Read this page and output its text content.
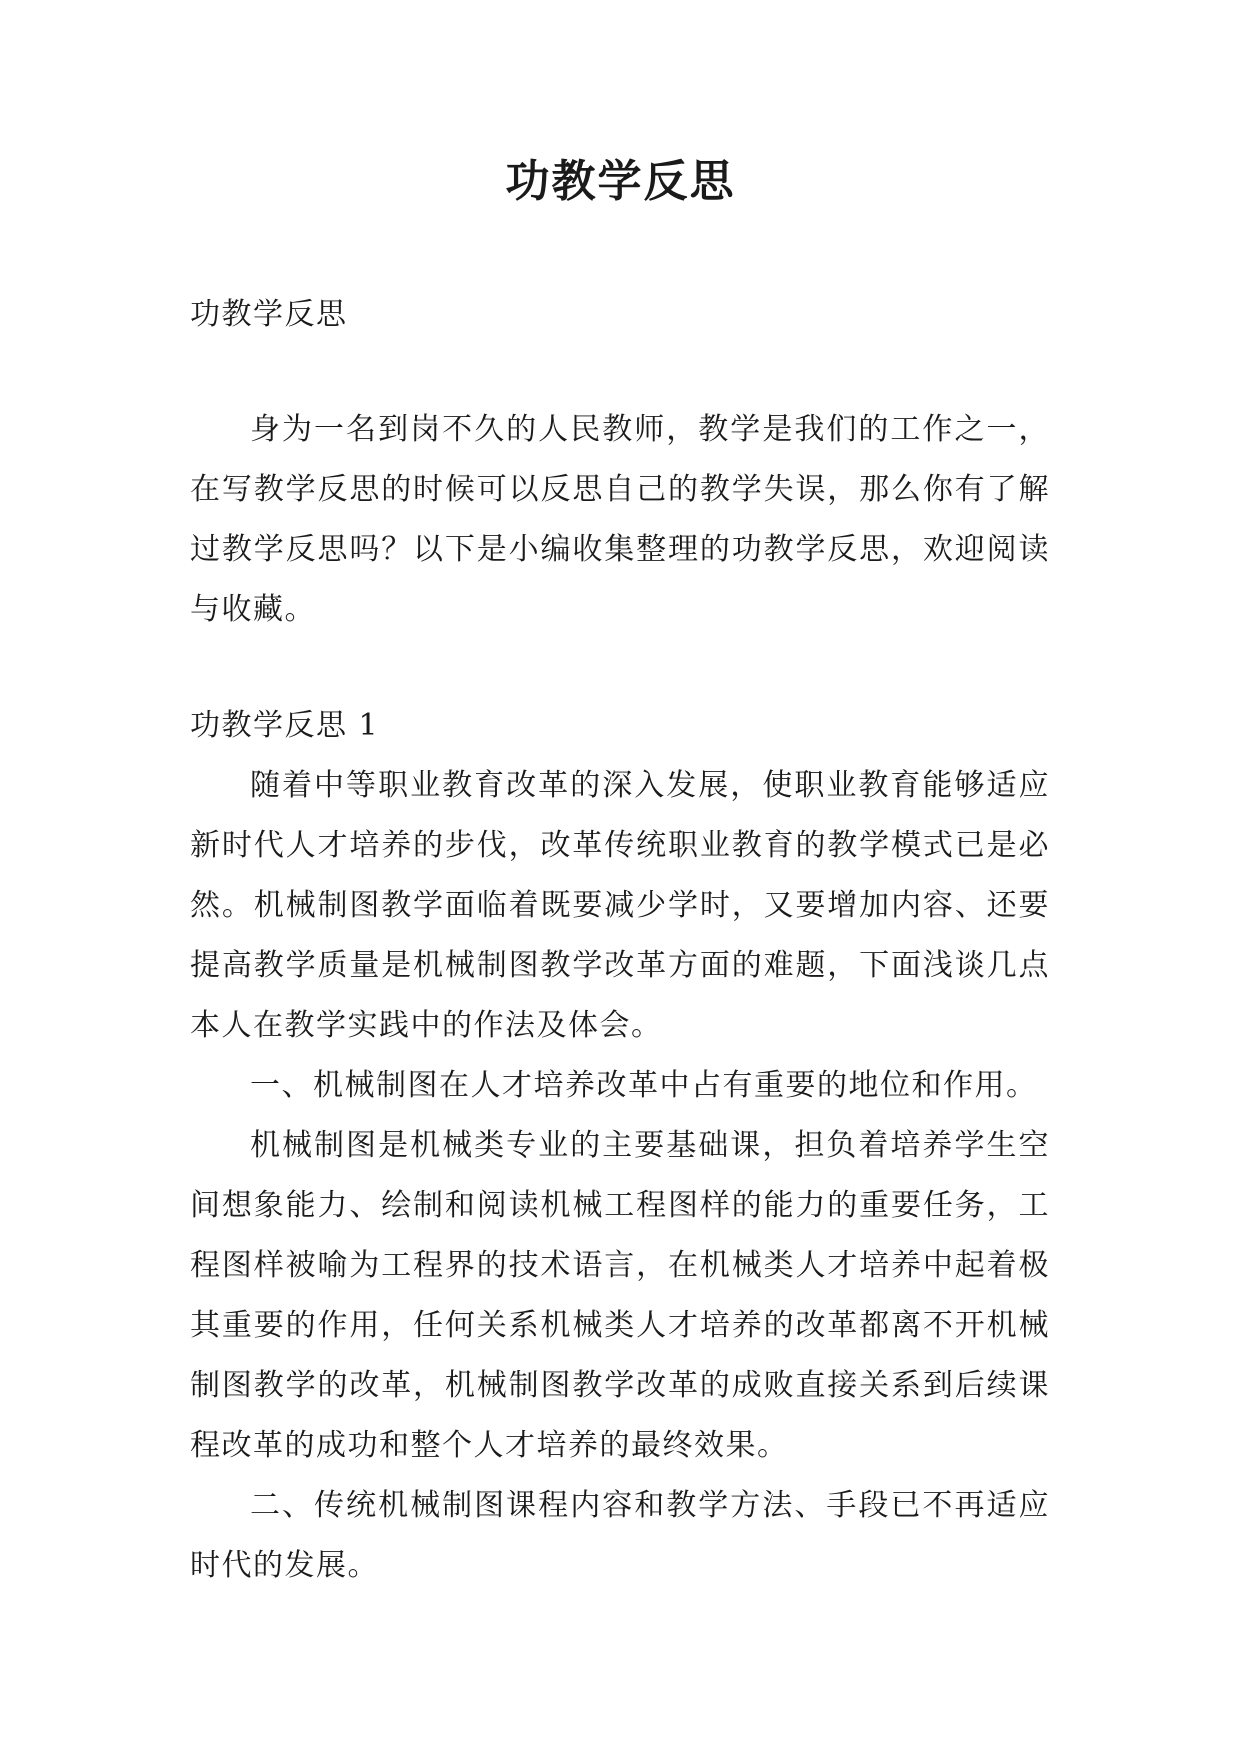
功教学反思
功教学反思

身为一名到岗不久的人民教师，教学是我们的工作之一，在写教学反思的时候可以反思自己的教学失误，那么你有了解过教学反思吗？以下是小编收集整理的功教学反思，欢迎阅读与收藏。

功教学反思 1

随着中等职业教育改革的深入发展，使职业教育能够适应新时代人才培养的步伐，改革传统职业教育的教学模式已是必然。机械制图教学面临着既要减少学时，又要增加内容、还要提高教学质量是机械制图教学改革方面的难题，下面浅谈几点本人在教学实践中的作法及体会。

一、机械制图在人才培养改革中占有重要的地位和作用。

机械制图是机械类专业的主要基础课，担负着培养学生空间想象能力、绘制和阅读机械工程图样的能力的重要任务，工程图样被喻为工程界的技术语言，在机械类人才培养中起着极其重要的作用，任何关系机械类人才培养的改革都离不开机械制图教学的改革，机械制图教学改革的成败直接关系到后续课程改革的成功和整个人才培养的最终效果。

二、传统机械制图课程内容和教学方法、手段已不再适应时代的发展。
